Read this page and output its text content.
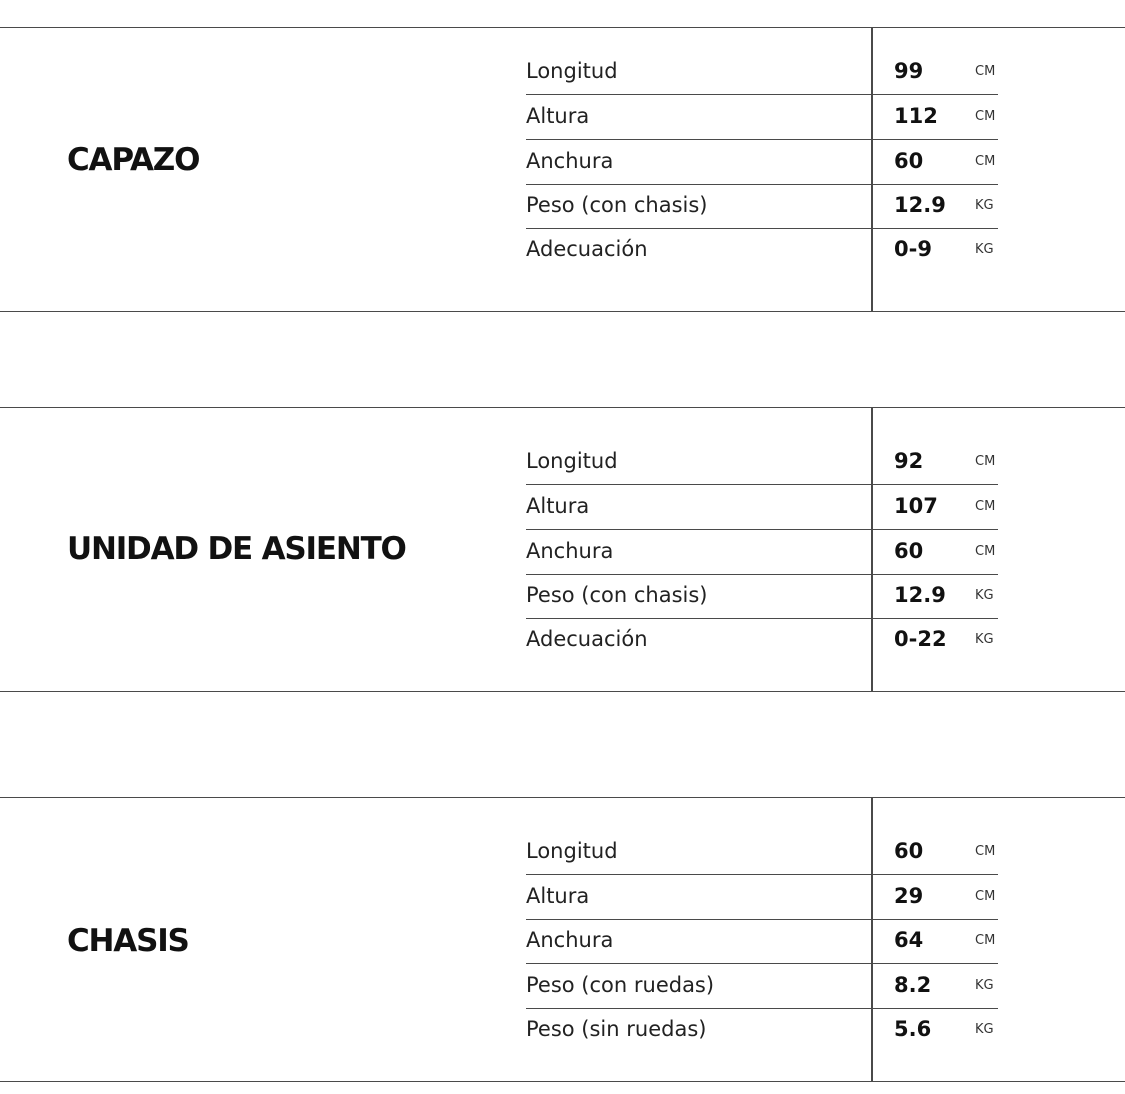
CAPAZO
Longitud	99	CM
Altura	112	CM
Anchura	60	CM
Peso (con chasis)	12.9 KG
Adecuación	0-9	KG
UNIDAD DE ASIENTO
Longitud	92	CM
Altura	107	CM
Anchura	60	CM
Peso (con chasis)	12.9 KG
Adecuación	0-22 KG
CHASIS
Longitud	60	CM
Altura	29	CM
Anchura	64	CM
Peso (con ruedas)	8.2	KG
Peso (sin ruedas)	5.6	KG
